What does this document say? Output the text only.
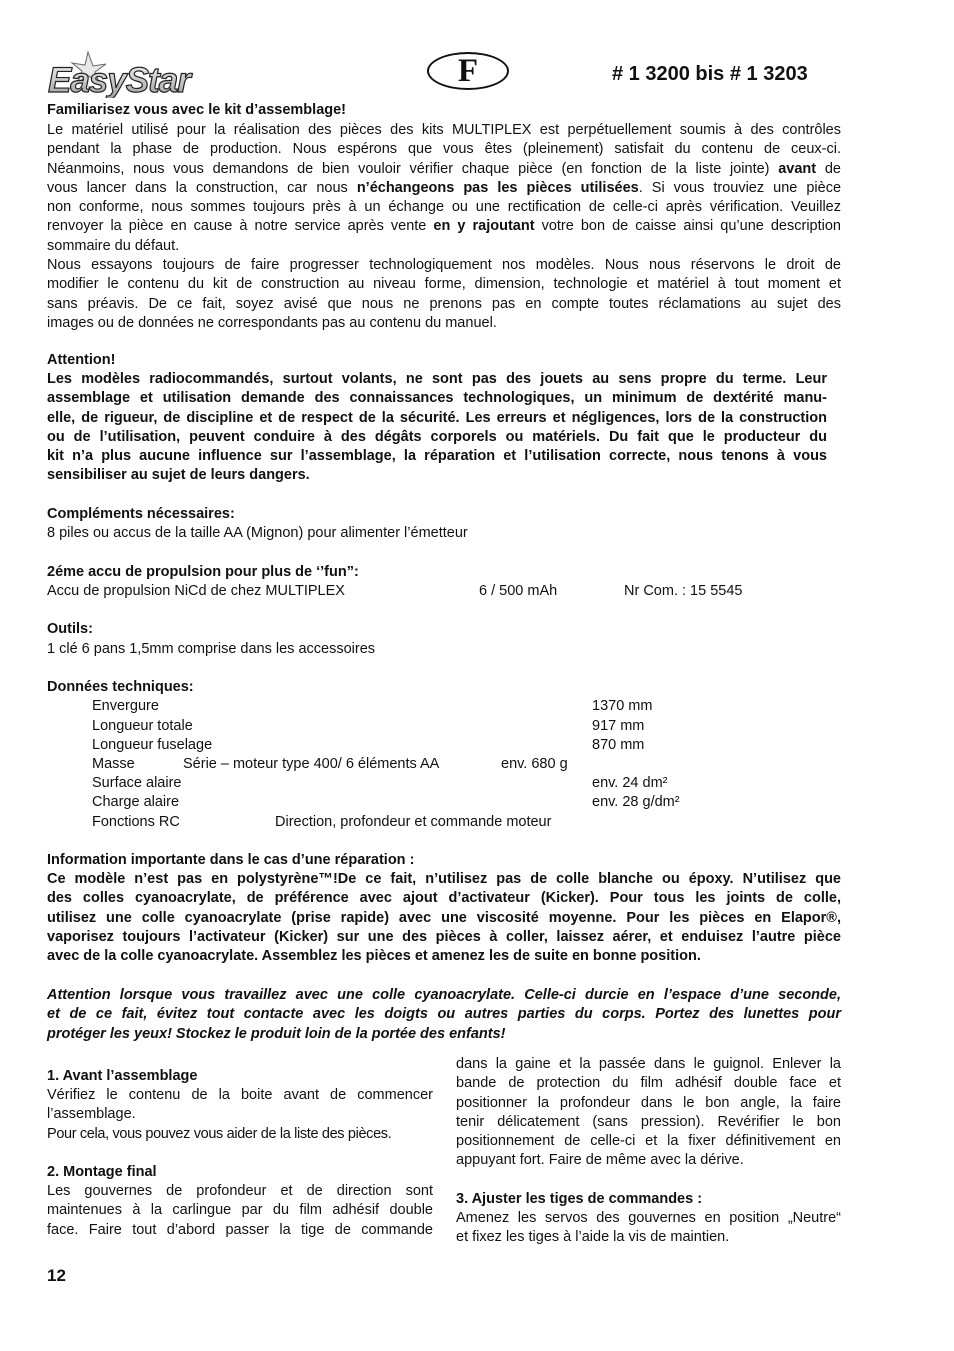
EasyStar	F	# 1 3200 bis # 1 3203
Familiarisez vous avec le kit d’assemblage!
Le matériel utilisé pour la réalisation des pièces des kits MULTIPLEX est perpétuellement soumis à des contrôles
pendant la phase de production. Nous espérons que vous êtes (pleinement) satisfait du contenu de ceux-ci.
Néanmoins, nous vous demandons de bien vouloir vérifier chaque pièce (en fonction de la liste jointe) avant de
vous lancer dans la construction, car nous n’échangeons pas les pièces utilisées. Si vous trouviez une pièce
non conforme, nous sommes toujours près à un échange ou une rectification de celle-ci après vérification. Veuillez
renvoyer la pièce en cause à notre service après vente en y rajoutant votre bon de caisse ainsi qu’une description
sommaire du défaut.
Nous essayons toujours de faire progresser technologiquement nos modèles. Nous nous réservons le droit de
modifier le contenu du kit de construction au niveau forme, dimension, technologie et matériel à tout moment et
sans préavis. De ce fait, soyez avisé que nous ne prenons pas en compte toutes réclamations au sujet des
images ou de données ne correspondants pas au contenu du manuel.
Attention!
Les modèles radiocommandés, surtout volants, ne sont pas des jouets au sens propre du terme. Leur
assemblage et utilisation demande des connaissances technologiques, un minimum de dextérité manu-
elle, de rigueur, de discipline et de respect de la sécurité. Les erreurs et négligences, lors de la construction
ou de l’utilisation, peuvent conduire à des dégâts corporels ou matériels. Du fait que le producteur du
kit n’a plus aucune influence sur l’assemblage, la réparation et l’utilisation correcte, nous tenons à vous
sensibiliser au sujet de leurs dangers.
Compléments nécessaires:
8 piles ou accus de la taille AA (Mignon) pour alimenter l’émetteur
2éme accu de propulsion pour plus de ‘’fun”:
Accu de propulsion NiCd de chez MULTIPLEX	6 / 500 mAh	Nr Com. : 15 5545
Outils:
1 clé 6 pans 1,5mm comprise dans les accessoires
Données techniques:
Envergure	1370 mm
Longueur totale	917 mm
Longueur fuselage	870 mm
Masse	Série – moteur type 400/ 6 éléments AA	env. 680 g
Surface alaire	env. 24 dm²
Charge alaire	env. 28 g/dm²
Fonctions RC	Direction, profondeur et commande moteur
Information importante dans le cas d’une réparation :
Ce modèle n’est pas en polystyrène™!De ce fait, n’utilisez pas de colle blanche ou époxy. N’utilisez que
des colles cyanoacrylate, de préférence avec ajout d’activateur (Kicker). Pour tous les joints de colle,
utilisez une colle cyanoacrylate (prise rapide) avec une viscosité moyenne. Pour les pièces en Elapor®,
vaporisez toujours l’activateur (Kicker) sur une des pièces à coller, laissez aérer, et enduisez l’autre pièce
avec de la colle cyanoacrylate. Assemblez les pièces et amenez les de suite en bonne position.
Attention lorsque vous travaillez avec une colle cyanoacrylate. Celle-ci durcie en l’espace d’une seconde,
et de ce fait, évitez tout contacte avec les doigts ou autres parties du corps. Portez des lunettes pour
protéger les yeux! Stockez le produit loin de la portée des enfants!
1. Avant l’assemblage
Vérifiez le contenu de la boite avant de commencer
l’assemblage.
Pour cela, vous pouvez vous aider de la liste des pièces.
2. Montage final
Les gouvernes de profondeur et de direction sont
maintenues à la carlingue par du film adhésif double
face. Faire tout d’abord passer la tige de commande
dans la gaine et la passée dans le guignol. Enlever la
bande de protection du film adhésif double face et
positionner la profondeur dans le bon angle, la faire
tenir délicatement (sans pression). Revérifier le bon
positionnement de celle-ci et la fixer définitivement en
appuyant fort. Faire de même avec la dérive.
3. Ajuster les tiges de commandes :
Amenez les servos des gouvernes en position „Neutre“
et fixez les tiges à l’aide la vis de maintien.
12
